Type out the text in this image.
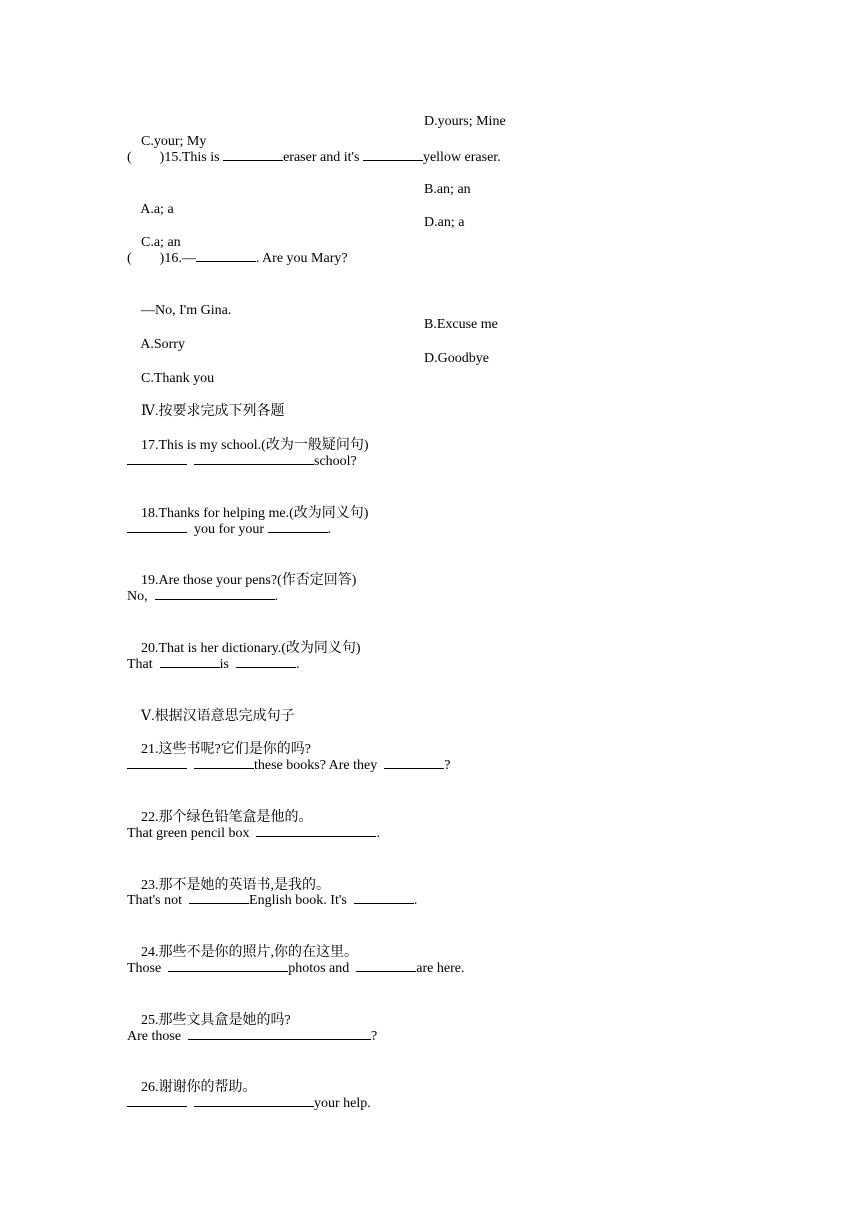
C.your; My

D.yours; Mine

(        )15.This is	eraser and it's	yellow eraser.

A.a; a

B.an; an

C.a; an

D.an; a

(        )16.—	. Are you Mary?

—No, I'm Gina.

A.Sorry

B.Excuse me

C.Thank you

D.Goodbye

Ⅳ.按要求完成下列各题

17.This is my school.(改为一般疑问句)

school?

18.Thanks for helping me.(改为同义句)

you for your	.

19.Are those your pens?(作否定回答)

No,	.

20.That is her dictionary.(改为同义句)

That	is	.

Ⅴ.根据汉语意思完成句子

21.这些书呢?它们是你的吗?

these books? Are they	?

22.那个绿色铅笔盒是他的。

That green pencil box	.

23.那不是她的英语书,是我的。

That's not	English book. It's	.

24.那些不是你的照片,你的在这里。

Those	photos and	are here.

25.那些文具盒是她的吗?

Are those	?

26.谢谢你的帮助。

your help.
